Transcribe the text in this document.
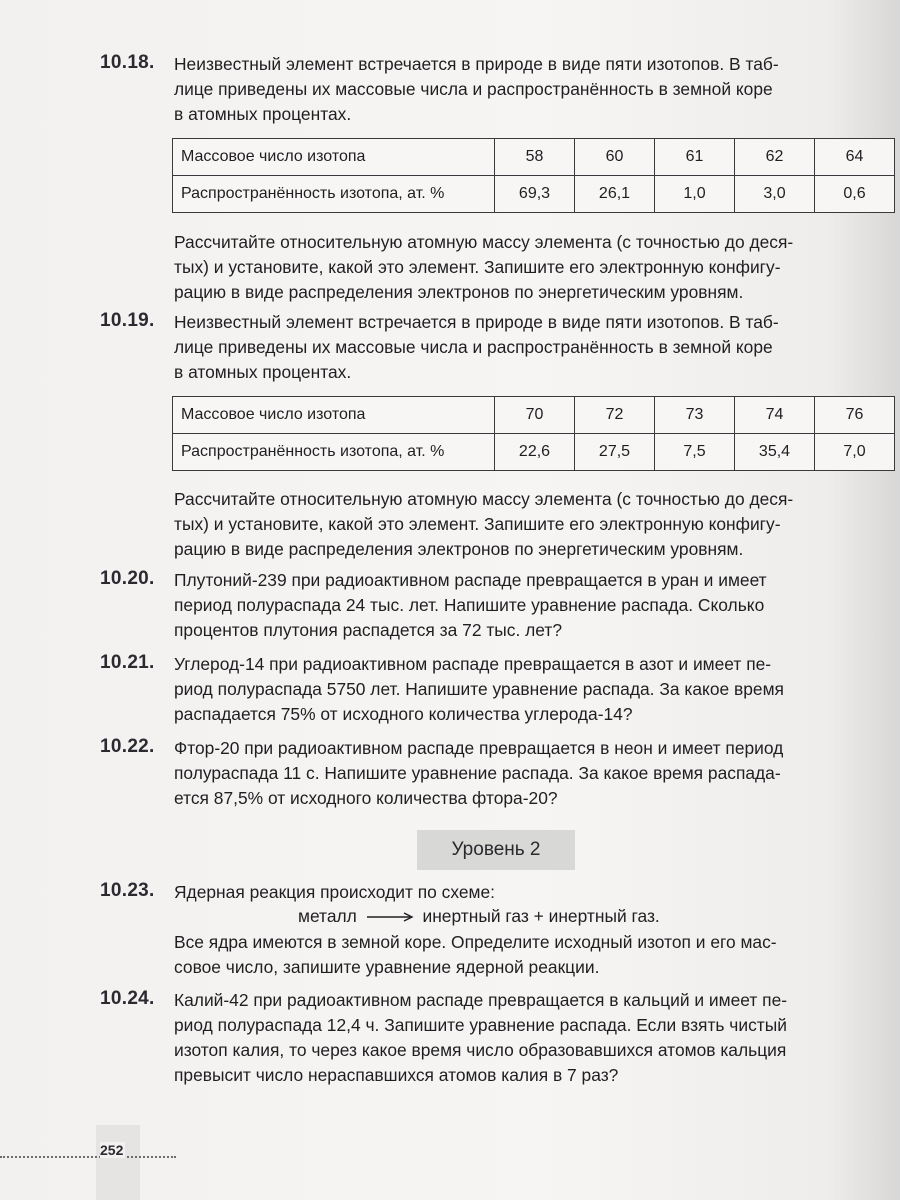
10.18. Неизвестный элемент встречается в природе в виде пяти изотопов. В таб-
лице приведены их массовые числа и распространённость в земной коре
в атомных процентах.
Массовое число изотопа	58	60	61	62	64
Распространённость изотопа, ат. %	69,3	26,1	1,0	3,0	0,6
Рассчитайте относительную атомную массу элемента (с точностью до деся-
тых) и установите, какой это элемент. Запишите его электронную конфигу-
рацию в виде распределения электронов по энергетическим уровням.
10.19. Неизвестный элемент встречается в природе в виде пяти изотопов. В таб-
лице приведены их массовые числа и распространённость в земной коре
в атомных процентах.
Массовое число изотопа	70	72	73	74	76
Распространённость изотопа, ат. %	22,6	27,5	7,5	35,4	7,0
Рассчитайте относительную атомную массу элемента (с точностью до деся-
тых) и установите, какой это элемент. Запишите его электронную конфигу-
рацию в виде распределения электронов по энергетическим уровням.
10.20. Плутоний-239 при радиоактивном распаде превращается в уран и имеет
период полураспада 24 тыс. лет. Напишите уравнение распада. Сколько
процентов плутония распадется за 72 тыс. лет?
10.21. Углерод-14 при радиоактивном распаде превращается в азот и имеет пе-
риод полураспада 5750 лет. Напишите уравнение распада. За какое время
распадается 75% от исходного количества углерода-14?
10.22. Фтор-20 при радиоактивном распаде превращается в неон и имеет период
полураспада 11 с. Напишите уравнение распада. За какое время распада-
ется 87,5% от исходного количества фтора-20?
Уровень 2
10.23. Ядерная реакция происходит по схеме:
металл	инертный газ + инертный газ.
Все ядра имеются в земной коре. Определите исходный изотоп и его мас-
совое число, запишите уравнение ядерной реакции.
10.24. Калий-42 при радиоактивном распаде превращается в кальций и имеет пе-
риод полураспада 12,4 ч. Запишите уравнение распада. Если взять чистый
изотоп калия, то через какое время число образовавшихся атомов кальция
превысит число нераспавшихся атомов калия в 7 раз?
252
